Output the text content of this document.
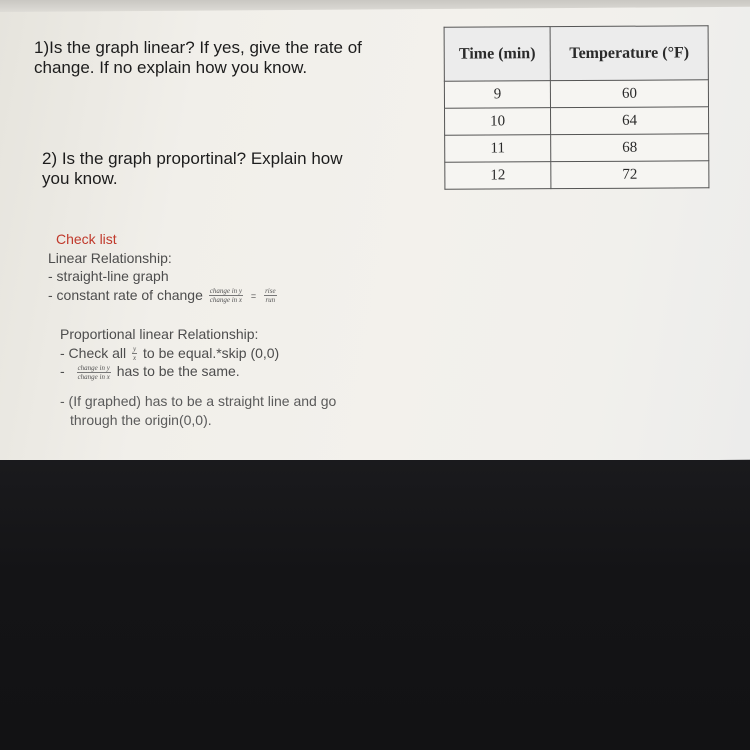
1)Is the graph linear? If yes, give the rate of change. If no explain how you know.

2) Is the graph proportinal? Explain how you know.

Time (min)	Temperature (°F)
9	60
10	64
11	68
12	72
Check list
Linear Relationship:
- straight-line graph
- constant rate of change $\frac{\text{change in y}}{\text{change in x}} = \frac{\text{rise}}{\text{run}}$
Proportional linear Relationship:
- Check all $\frac{y}{x}$ to be equal.*skip (0,0)
- $\frac{\text{change in y}}{\text{change in x}}$ has to be the same.
- (If graphed) has to be a straight line and go
through the origin(0,0).
